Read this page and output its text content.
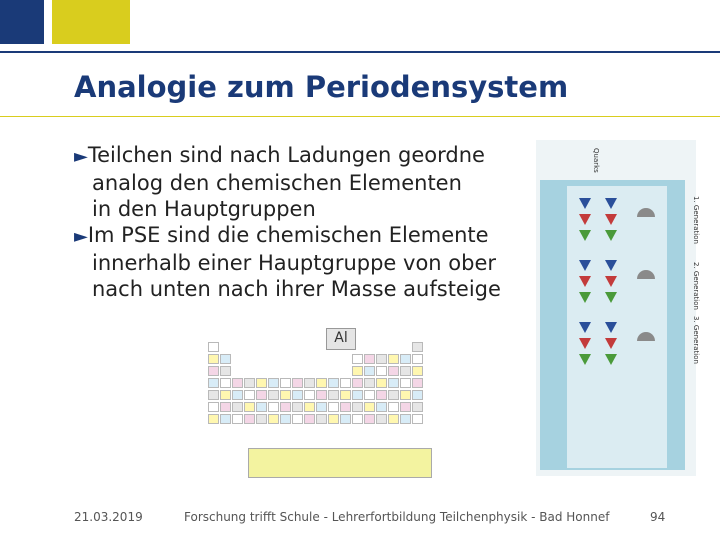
Analogie zum Periodensystem
►Teilchen sind nach Ladungen geordne
analog den chemischen Elementen
in den Hauptgruppen
►Im PSE sind die chemischen Elemente
innerhalb einer Hauptgruppe von ober
nach unten nach ihrer Masse aufsteige
Al
1. Generation
2. Generation
3. Generation
Quarks
21.03.2019	Forschung trifft Schule - Lehrerfortbildung Teilchenphysik - Bad Honnef	94
